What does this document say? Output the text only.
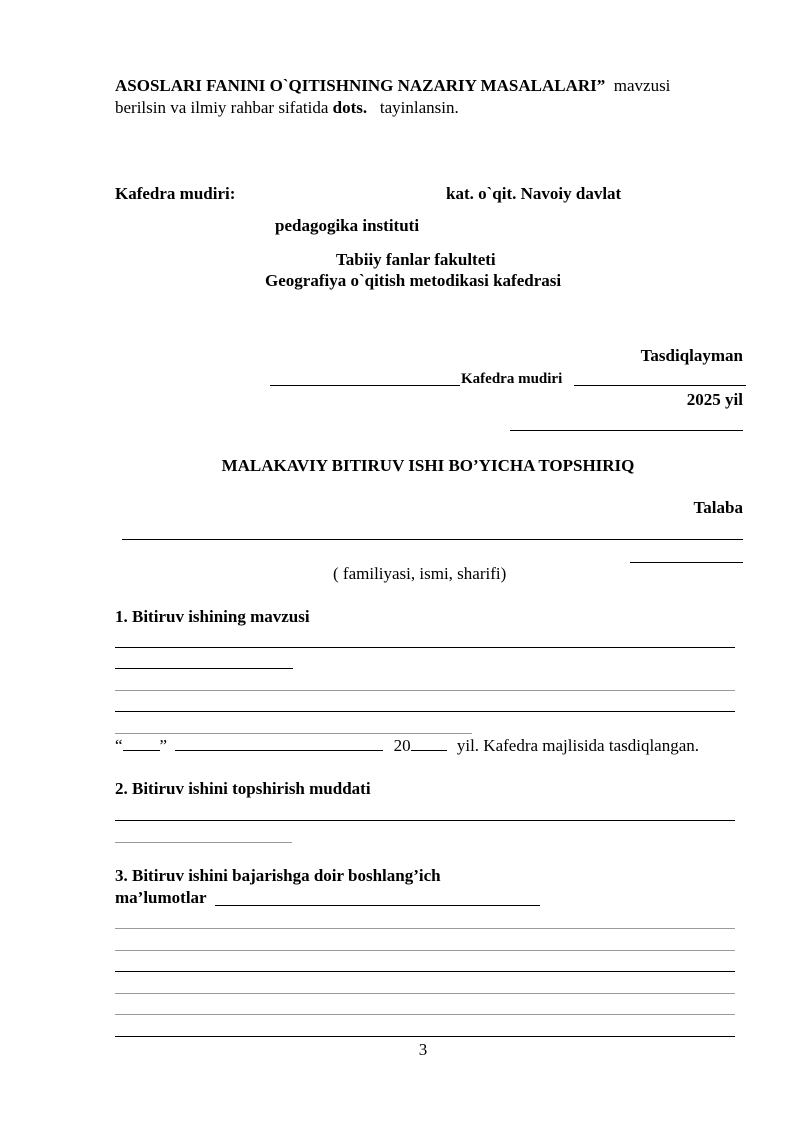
ASOSLARI FANINI O`QITISHNING NAZARIY MASALALARI” mavzusi
berilsin va ilmiy rahbar sifatida dots. tayinlansin.
Kafedra mudiri:	kat. o`qit. Navoiy davlat
pedagogika instituti
Tabiiy fanlar fakulteti
Geografiya o`qitish metodikasi kafedrasi
Tasdiqlayman
Kafedra mudiri
2025 yil
MALAKAVIY BITIRUV ISHI BO’YICHA TOPSHIRIQ
Talaba
( familiyasi, ismi, sharifi)
1. Bitiruv ishining mavzusi
“ ”	20	yil. Kafedra majlisida tasdiqlangan.
2. Bitiruv ishini topshirish muddati
3. Bitiruv ishini bajarishga doir boshlang’ich
ma’lumotlar
3
